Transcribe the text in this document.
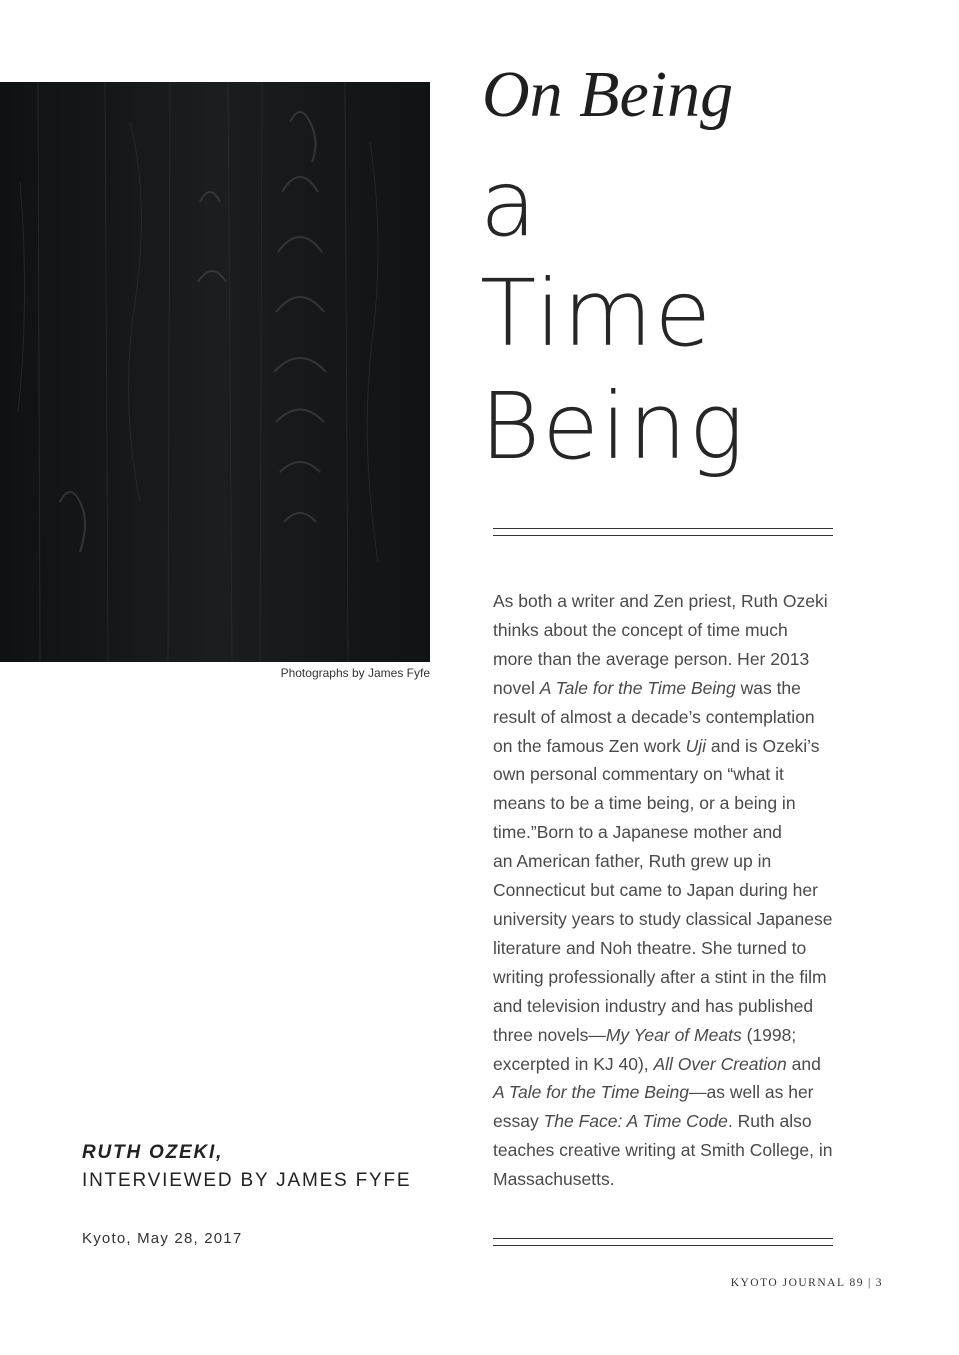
Photographs by James Fyfe
On Being
a
Time
Being
As both a writer and Zen priest, Ruth Ozeki
thinks about the concept of time much
more than the average person. Her 2013
novel A Tale for the Time Being was the
result of almost a decade’s contemplation
on the famous Zen work Uji and is Ozeki’s
own personal commentary on “what it
means to be a time being, or a being in
time.”Born to a Japanese mother and
an American father, Ruth grew up in
Connecticut but came to Japan during her
university years to study classical Japanese
literature and Noh theatre. She turned to
writing professionally after a stint in the film
and television industry and has published
three novels—My Year of Meats (1998;
excerpted in KJ 40), All Over Creation and
A Tale for the Time Being—as well as her
essay The Face: A Time Code. Ruth also
teaches creative writing at Smith College, in
Massachusetts.
RUTH OZEKI,
INTERVIEWED BY JAMES FYFE
Kyoto, May 28, 2017
KYOTO JOURNAL 89 | 3
